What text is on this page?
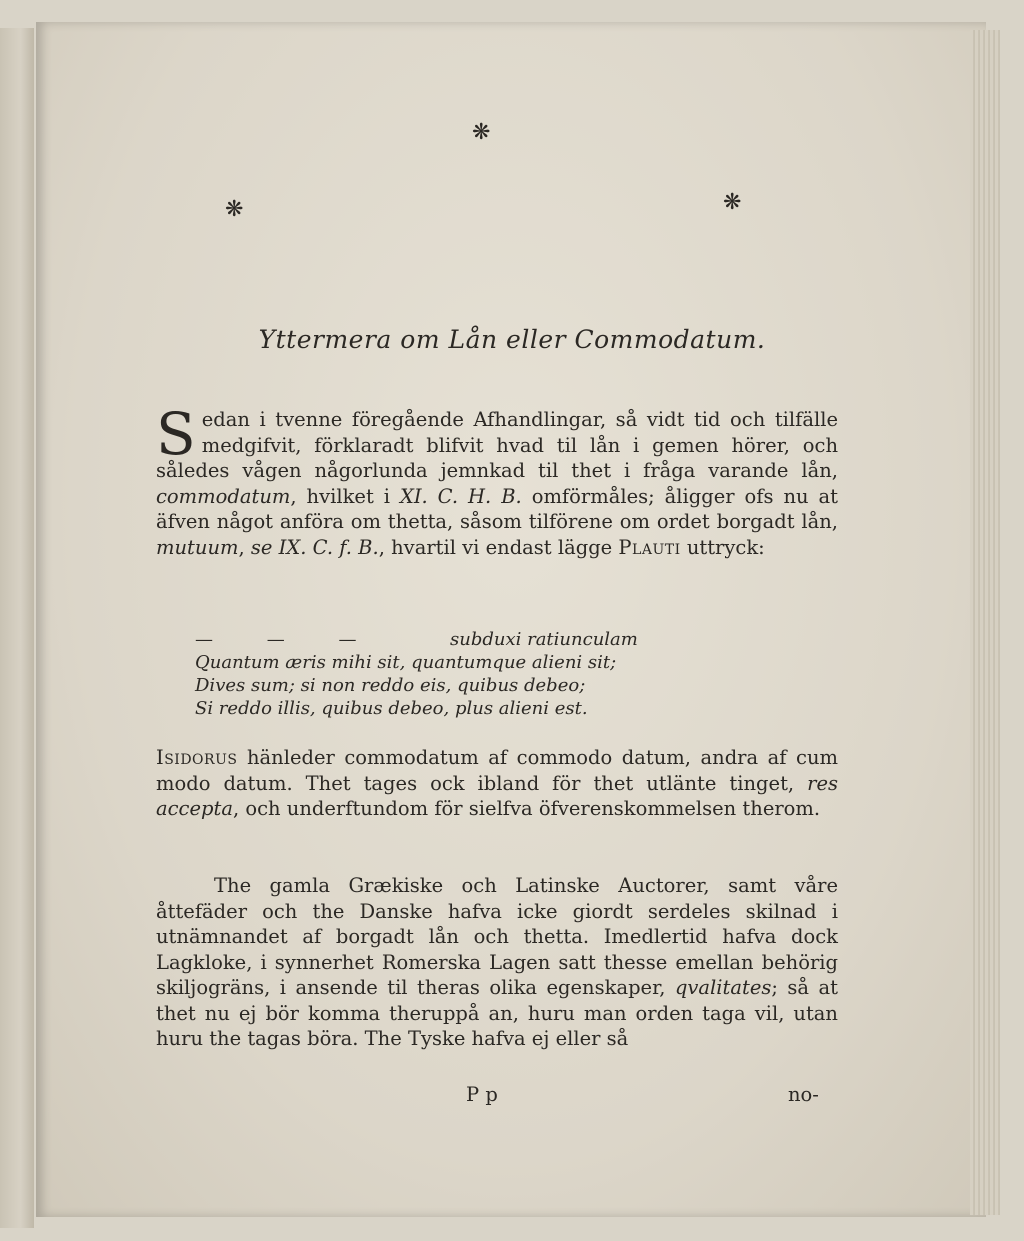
❋
❋	❋
Yttermera om Lån eller Commodatum.
Sedan i tvenne föregående Afhandlingar, så vidt tid och tilfälle medgifvit, förklaradt blifvit hvad til lån i gemen hörer, och således vågen någorlunda jemnkad til thet i fråga varande lån, commodatum, hvilket i XI. C. H. B. omförmåles; åligger ofs nu at äfven något anföra om thetta, såsom tilförene om ordet borgadt lån, mutuum, se IX. C. f. B., hvartil vi endast lägge Plauti uttryck:
— — —	subduxi ratiunculam
Quantum æris mihi sit, quantumque alieni sit;
Dives sum; si non reddo eis, quibus debeo;
Si reddo illis, quibus debeo, plus alieni est.
Isidorus hänleder commodatum af commodo datum, andra af cum modo datum. Thet tages ock ibland för thet utlänte tinget, res accepta, och underftundom för sielfva öfverenskommelsen therom.
The gamla Grækiske och Latinske Auctorer, samt våre åttefäder och the Danske hafva icke giordt serdeles skilnad i utnämnandet af borgadt lån och thetta. Imedlertid hafva dock Lagkloke, i synnerhet Romerska Lagen satt thesse emellan behörig skiljogräns, i ansende til theras olika egenskaper, qvalitates; så at thet nu ej bör komma theruppå an, huru man orden taga vil, utan huru the tagas böra. The Tyske hafva ej eller så
P p	no-
